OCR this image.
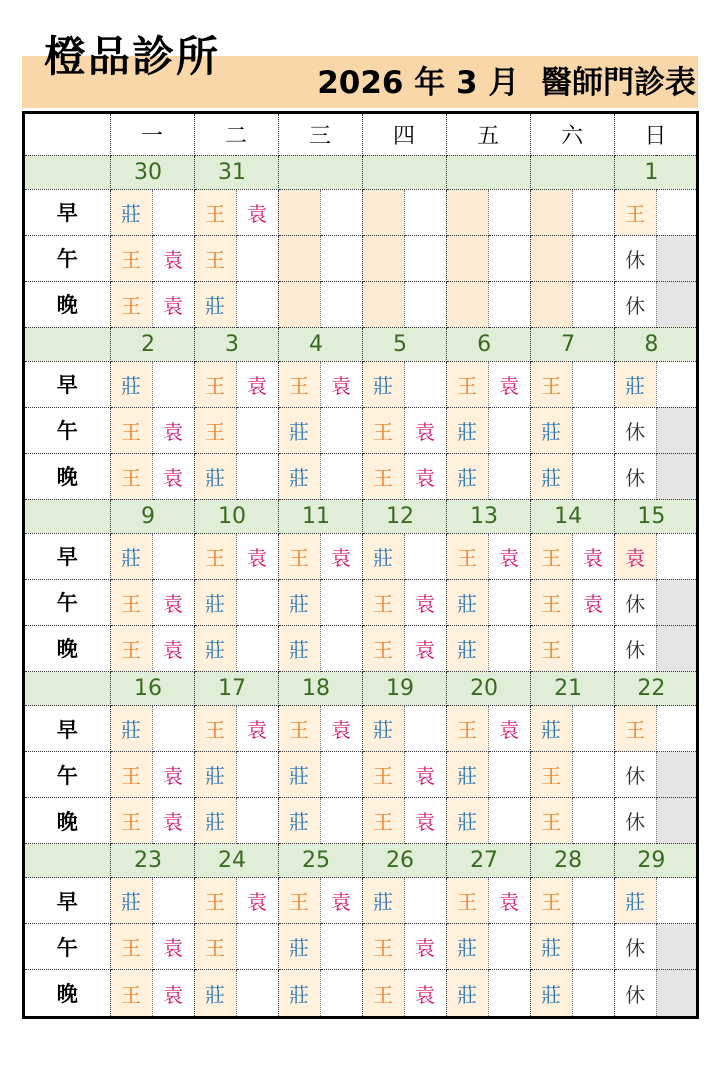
橙品診所
2026 年 3 月  醫師門診表
	一		二		三		四		五		六		日	
	30		31										1	
早	莊		王	袁									王	
午	王	袁	王										休	
晚	王	袁	莊										休	
	2		3		4		5		6		7		8	
早	莊		王	袁	王	袁	莊		王	袁	王		莊	
午	王	袁	王		莊		王	袁	莊		莊		休	
晚	王	袁	莊		莊		王	袁	莊		莊		休	
	9		10		11		12		13		14		15	
早	莊		王	袁	王	袁	莊		王	袁	王	袁	袁	
午	王	袁	莊		莊		王	袁	莊		王	袁	休	
晚	王	袁	莊		莊		王	袁	莊		王		休	
	16		17		18		19		20		21		22	
早	莊		王	袁	王	袁	莊		王	袁	莊		王	
午	王	袁	莊		莊		王	袁	莊		王		休	
晚	王	袁	莊		莊		王	袁	莊		王		休	
	23		24		25		26		27		28		29	
早	莊		王	袁	王	袁	莊		王	袁	王		莊	
午	王	袁	王		莊		王	袁	莊		莊		休	
晚	王	袁	莊		莊		王	袁	莊		莊		休	
